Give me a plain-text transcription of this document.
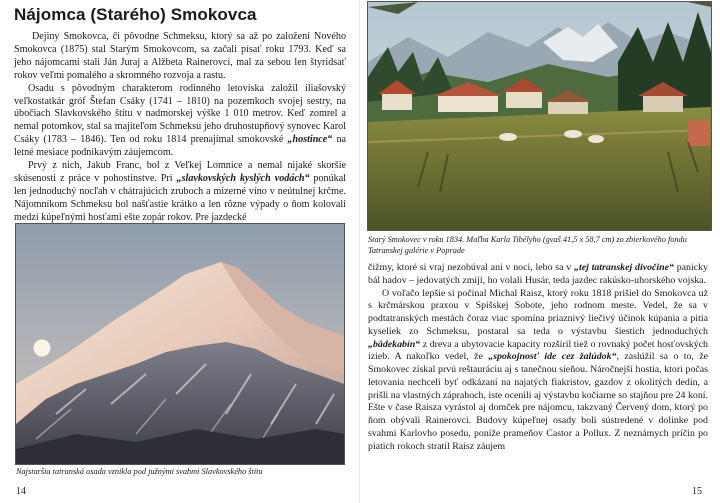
Nájomca (Starého) Smokovca

Dejiny Smokovca, či pôvodne Schmeksu, ktorý sa až po založení Nového Smokovca (1875) stal Starým Smokovcom, sa začali písať roku 1793. Keď sa jeho nájomcami stali Ján Juraj a Alžbeta Rainerovci, mal za sebou len štyridsať rokov veľmi pomalého a skromného rozvoja a rastu.

Osadu s pôvodným charakterom rodinného letoviska založil iliašovský veľkostatkár gróf Štefan Csáky (1741 – 1810) na pozemkoch svojej sestry, na úbočiach Slavkovského štítu v nadmorskej výške 1 010 metrov. Keď zomrel a nemal potomkov, stal sa majiteľom Schmeksu jeho druhostupňový synovec Karol Csáky (1783 – 1846). Ten od roku 1814 prenajímal smokovské „hostince“ na letné mesiace podnikavým záujemcom.

Prvý z nich, Jakub Franc, bol z Veľkej Lomnice a nemal nijaké skoršie skúsenosti z práce v pohostinstve. Pri „slavkovských kyslých vodách“ ponúkal len jednoduchý nocľah v chátrajúcich zruboch a mizerné víno v neútulnej krčme. Nájomníkom Schmeksu bol našťastie krátko a len rôzne výpady o ňom kolovali medzi kúpeľnými hosťami ešte zopár rokov. Pre jazdecké

Najstaršia tatranská osada vznikla pod južnými svahmi Slavkovského štítu
14
Starý Smokovec v roku 1834. Maľba Karla Tibélyho (gvaš 41,5 x 58,7 cm) zo zbierkového fondu Tatranskej galérie v Poprade

čižmy, ktoré si vraj nezobúval ani v noci, lebo sa v „tej tatranskej divočine“ panicky bál hadov – jedovatých zmijí, ho volali Husár, teda jazdec rakúsko-uhorského vojska.

O voľačo lepšie si počínal Michal Raisz, ktorý roku 1818 prišiel do Smokovca už s krčmárskou praxou v Spišskej Sobote, jeho rodnom meste. Vedel, že sa v podtatranských mestách čoraz viac spomína priaznivý liečivý účinok kúpania a pitia kyseliek zo Schmeksu, postaral sa teda o výstavbu šiestich jednoduchých „bädekabín“ z dreva a ubytovacie kapacity rozšíril tiež o rovnaký počet hosťovských izieb. A nakoľko vedel, že „spokojnosť ide cez žalúdok“, zaslúžil sa o to, že Smokovec získal prvú reštauráciu aj s tanečnou sieňou. Náročnejší hostia, ktorí počas letovania nechceli byť odkázaní na najatých fiakristov, gazdov z okolitých dedín, a prišli na vlastných záprahoch, iste ocenili aj výstavbu kočiarne so stajňou pre 24 koní. Ešte v čase Raisza vyrástol aj domček pre nájomcu, takzvaný Červený dom, ktorý po ňom obývali Rainerovci. Budovy kúpeľnej osady boli sústredené v dolinke pod svahmi Karlovho posedu, poniže prameňov Castor a Pollux. Z neznámych príčin po piatich rokoch stratil Raisz záujem

15
